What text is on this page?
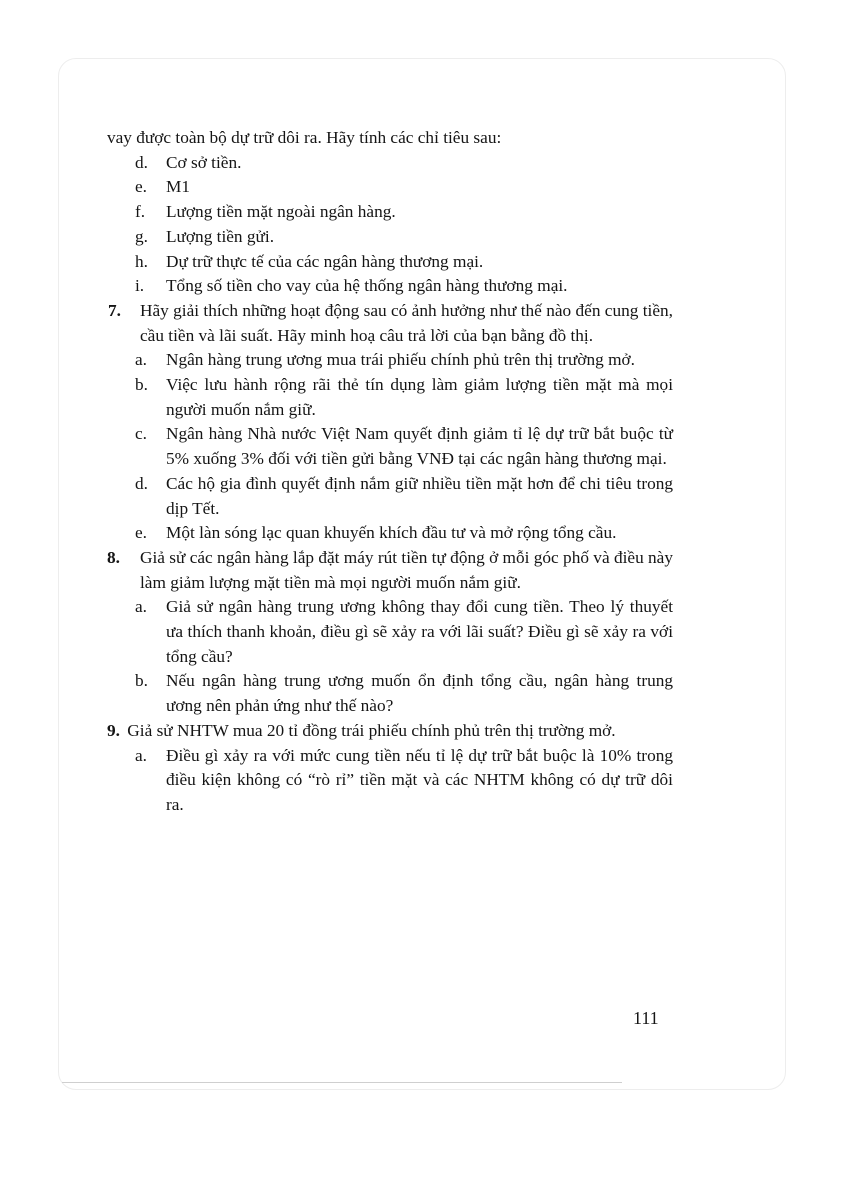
vay được toàn bộ dự trữ dôi ra. Hãy tính các chỉ tiêu sau:
d.	Cơ sở tiền.
e.	M1
f.	Lượng tiền mặt ngoài ngân hàng.
g.	Lượng tiền gửi.
h.	Dự trữ thực tế của các ngân hàng thương mại.
i.	Tổng số tiền cho vay của hệ thống ngân hàng thương mại.
7.	Hãy giải thích những hoạt động sau có ảnh hưởng như thế nào đến cung tiền, cầu tiền và lãi suất. Hãy minh hoạ câu trả lời của bạn bằng đồ thị.
a.	Ngân hàng trung ương mua trái phiếu chính phủ trên thị trường mở.
b.	Việc lưu hành rộng rãi thẻ tín dụng làm giảm lượng tiền mặt mà mọi người muốn nắm giữ.
c.	Ngân hàng Nhà nước Việt Nam quyết định giảm tỉ lệ dự trữ bắt buộc từ 5% xuống 3% đối với tiền gửi bằng VNĐ tại các ngân hàng thương mại.
d.	Các hộ gia đình quyết định nắm giữ nhiều tiền mặt hơn để chi tiêu trong dịp Tết.
e.	Một làn sóng lạc quan khuyến khích đầu tư và mở rộng tổng cầu.
8.	Giả sử các ngân hàng lắp đặt máy rút tiền tự động ở mỗi góc phố và điều này làm giảm lượng mặt tiền mà mọi người muốn nắm giữ.
a.	Giả sử ngân hàng trung ương không thay đổi cung tiền. Theo lý thuyết ưa thích thanh khoản, điều gì sẽ xảy ra với lãi suất? Điều gì sẽ xảy ra với tổng cầu?
b.	Nếu ngân hàng trung ương muốn ổn định tổng cầu, ngân hàng trung ương nên phản ứng như thế nào?
9. Giả sử NHTW mua 20 tỉ đồng trái phiếu chính phủ trên thị trường mở.
a.	Điều gì xảy ra với mức cung tiền nếu tỉ lệ dự trữ bắt buộc là 10% trong điều kiện không có “rò rỉ” tiền mặt và các NHTM không có dự trữ dôi ra.
111
